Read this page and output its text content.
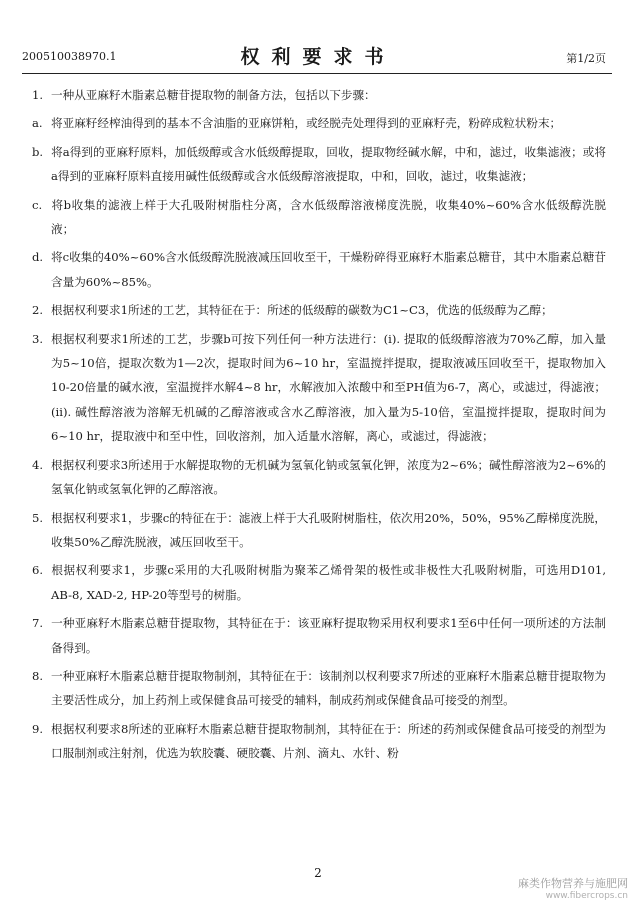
200510038970.1	权利要求书	第1/2页
1. 一种从亚麻籽木脂素总糖苷提取物的制备方法，包括以下步骤：
a. 将亚麻籽经榨油得到的基本不含油脂的亚麻饼粕，或经脱壳处理得到的亚麻籽壳，粉碎成粒状粉末；
b. 将a得到的亚麻籽原料，加低级醇或含水低级醇提取，回收，提取物经碱水解，中和，滤过，收集滤液；或将a得到的亚麻籽原料直接用碱性低级醇或含水低级醇溶液提取，中和，回收，滤过，收集滤液；
c. 将b收集的滤液上样于大孔吸附树脂柱分离，含水低级醇溶液梯度洗脱，收集40%~60%含水低级醇洗脱液；
d. 将c收集的40%~60%含水低级醇洗脱液减压回收至干，干燥粉碎得亚麻籽木脂素总糖苷，其中木脂素总糖苷含量为60%~85%。
2. 根据权利要求1所述的工艺，其特征在于：所述的低级醇的碳数为C1~C3，优选的低级醇为乙醇；
3. 根据权利要求1所述的工艺，步骤b可按下列任何一种方法进行：(i). 提取的低级醇溶液为70%乙醇，加入量为5~10倍，提取次数为1—2次，提取时间为6~10 hr，室温搅拌提取，提取液减压回收至干，提取物加入10-20倍量的碱水液，室温搅拌水解4~8 hr，水解液加入浓酸中和至PH值为6-7，离心，或滤过，得滤液；(ii). 碱性醇溶液为溶解无机碱的乙醇溶液或含水乙醇溶液，加入量为5-10倍，室温搅拌提取，提取时间为6~10 hr，提取液中和至中性，回收溶剂，加入适量水溶解，离心，或滤过，得滤液；
4. 根据权利要求3所述用于水解提取物的无机碱为氢氧化钠或氢氧化钾，浓度为2~6%；碱性醇溶液为2~6%的氢氧化钠或氢氧化钾的乙醇溶液。
5. 根据权利要求1，步骤c的特征在于：滤液上样于大孔吸附树脂柱，依次用20%，50%，95%乙醇梯度洗脱，收集50%乙醇洗脱液，减压回收至干。
6. 根据权利要求1，步骤c采用的大孔吸附树脂为聚苯乙烯骨架的极性或非极性大孔吸附树脂，可选用D101, AB-8, XAD-2, HP-20等型号的树脂。
7. 一种亚麻籽木脂素总糖苷提取物，其特征在于：该亚麻籽提取物采用权利要求1至6中任何一项所述的方法制备得到。
8. 一种亚麻籽木脂素总糖苷提取物制剂，其特征在于：该制剂以权利要求7所述的亚麻籽木脂素总糖苷提取物为主要活性成分，加上药剂上或保健食品可接受的辅料，制成药剂或保健食品可接受的剂型。
9. 根据权利要求8所述的亚麻籽木脂素总糖苷提取物制剂，其特征在于：所述的药剂或保健食品可接受的剂型为口服制剂或注射剂，优选为软胶囊、硬胶囊、片剂、滴丸、水针、粉
2
麻类作物营养与施肥网
www.fibercrops.cn
